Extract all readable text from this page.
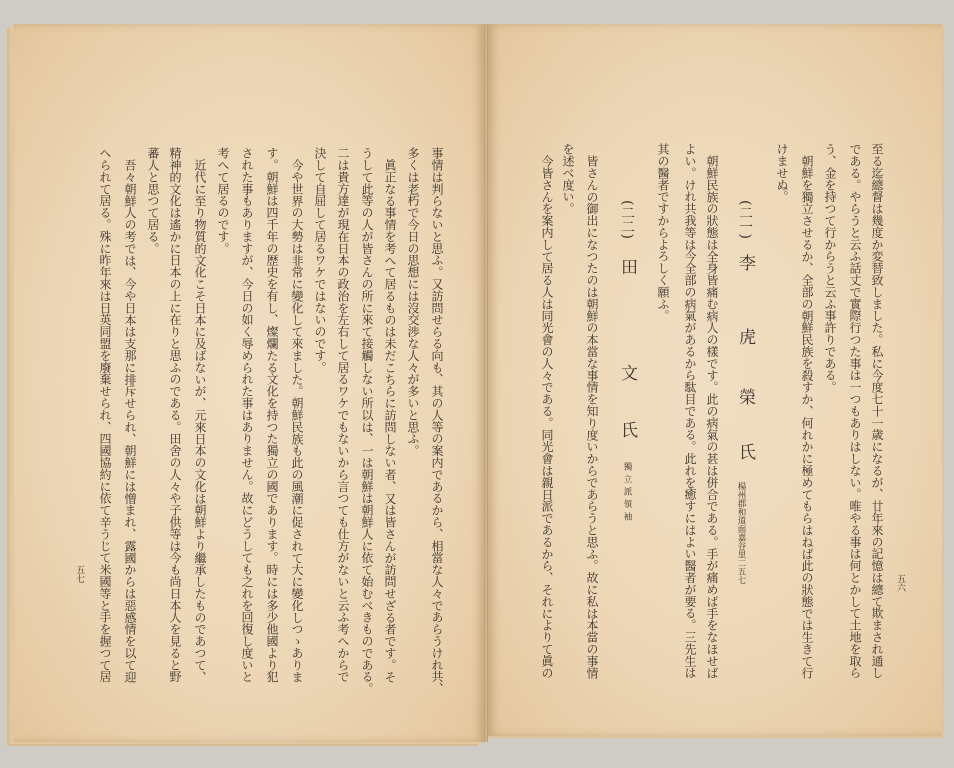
至る迄總督は幾度か変替致しました。私に今度七十一歳になるが、廿年來の記憶は總て欺まされ通し
である。やらうと云ふ話丈で實際行つた事は一つもありはしない。唯やる事は何とかして土地を取ら
う、金を持つて行からうと云ふ事許りである。
朝鮮を獨立させるか、全部の朝鮮民族を殺すか、何れかに極めてもらはねば此の狀態では生きて行
けませぬ。
(二一)
李
虎
榮
氏
楊州郡和道面嘉谷里二五七
朝鮮民族の狀態は全身皆痛む病人の樣です。此の病氣の甚は併合である。手が痛めば手をなほせば
よい。けれ共我等は今全部の病氣があるから駄目である。此れを癒すにはよい醫者が要る。三先生は
其の醫者ですからよろしく願ふ。
(二二)
田
文
氏
獨立派領袖
皆さんの御出になつたのは朝鮮の本當な事情を知り度いからであらうと思ふ。故に私は本當の事情
を述べ度い。
今皆さんを案内して居る人は同光會の人々である。同光會は親日派であるから、それによりて眞の	五六
事情は判らないと思ふ。又訪問せらる向も、其の人等の案内であるから、相當な人々であらうけれ共、
多くは老朽で今日の思想には沒交渉な人々が多いと思ふ。
眞正なる事情を考へて居るものは未だこちらに訪問しない者、又は皆さんが訪問せざる者です。そ
うして此等の人が皆さんの所に來て接觸しない所以は、一は朝鮮は朝鮮人に依て始むべきものである。
二は貴方達が現在日本の政治を左右して居るワケでもないから言つても仕方がないと云ふ考へからで
決して自屈して居るワケではないのです。
今や世界の大勢は非常に變化して來ました。朝鮮民族も此の風潮に促されて大に變化しつゝありま
す。朝鮮は四千年の歴史を有し、燦爛たる文化を持つた獨立の國であります。時には多少他國より犯
された事もありますが、今日の如く辱められた事はありません。故にどうしても之れを回復し度いと
考へて居るのです。
近代に至り物質的文化こそ日本に及ばないが、元來日本の文化は朝鮮より繼承したものであつて、
精神的文化は遙かに日本の上に在りと思ふのである。田舍の人々や子供等は今も尚日本人を見ると野
蕃人と思つて居る。
吾々朝鮮人の考では、今や日本は支那に排斥せられ、朝鮮には憎まれ、露國からは惡感情を以て迎
へられて居る。殊に昨年來は日英同盟を廢棄せられ、四國協約に依て辛うじて米國等と手を握つて居
五七
